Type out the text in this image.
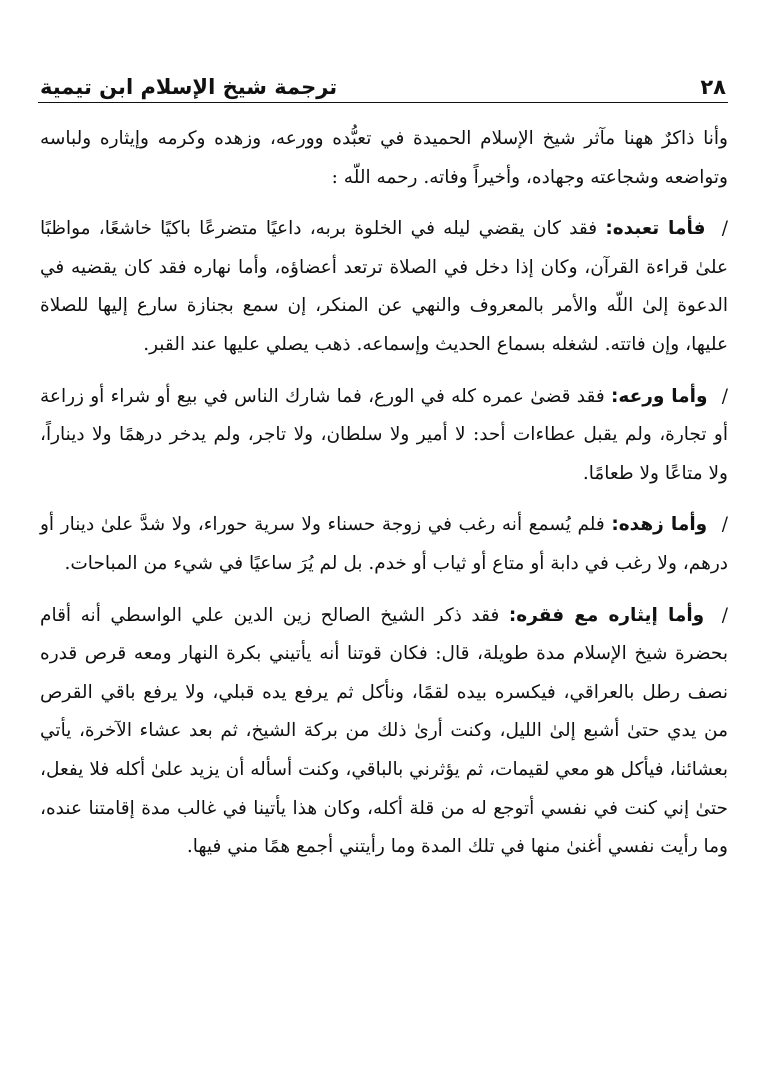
٢٨
ترجمة شيخ الإسلام ابن تيمية

وأنا ذاكرٌ ههنا مآثر شيخ الإسلام الحميدة في تعبُّده وورعه، وزهده وكرمه وإيثاره ولباسه وتواضعه وشجاعته وجهاده، وأخيراً وفاته. رحمه اللّه :

/ فأما تعبده: فقد كان يقضي ليله في الخلوة بربه، داعيًا متضرعًا باكيًا خاشعًا، مواظبًا علىٰ قراءة القرآن، وكان إذا دخل في الصلاة ترتعد أعضاؤه، وأما نهاره فقد كان يقضيه في الدعوة إلىٰ اللّه والأمر بالمعروف والنهي عن المنكر، إن سمع بجنازة سارع إليها للصلاة عليها، وإن فاتته. لشغله بسماع الحديث وإسماعه. ذهب يصلي عليها عند القبر.

/ وأما ورعه: فقد قضىٰ عمره كله في الورع، فما شارك الناس في بيع أو شراء أو زراعة أو تجارة، ولم يقبل عطاءات أحد: لا أمير ولا سلطان، ولا تاجر، ولم يدخر درهمًا ولا ديناراً، ولا متاعًا ولا طعامًا.

/ وأما زهده: فلم يُسمع أنه رغب في زوجة حسناء ولا سرية حوراء، ولا شدَّ علىٰ دينار أو درهم، ولا رغب في دابة أو متاع أو ثياب أو خدم. بل لم يُرَ ساعيًا في شيء من المباحات.

/ وأما إيثاره مع فقره: فقد ذكر الشيخ الصالح زين الدين علي الواسطي أنه أقام بحضرة شيخ الإسلام مدة طويلة، قال: فكان قوتنا أنه يأتيني بكرة النهار ومعه قرص قدره نصف رطل بالعراقي، فيكسره بيده لقمًا، ونأكل ثم يرفع يده قبلي، ولا يرفع باقي القرص من يدي حتىٰ أشبع إلىٰ الليل، وكنت أرىٰ ذلك من بركة الشيخ، ثم بعد عشاء الآخرة، يأتي بعشائنا، فيأكل هو معي لقيمات، ثم يؤثرني بالباقي، وكنت أسأله أن يزيد علىٰ أكله فلا يفعل، حتىٰ إني كنت في نفسي أتوجع له من قلة أكله، وكان هذا يأتينا في غالب مدة إقامتنا عنده، وما رأيت نفسي أغنىٰ منها في تلك المدة وما رأيتني أجمع همًا مني فيها.
